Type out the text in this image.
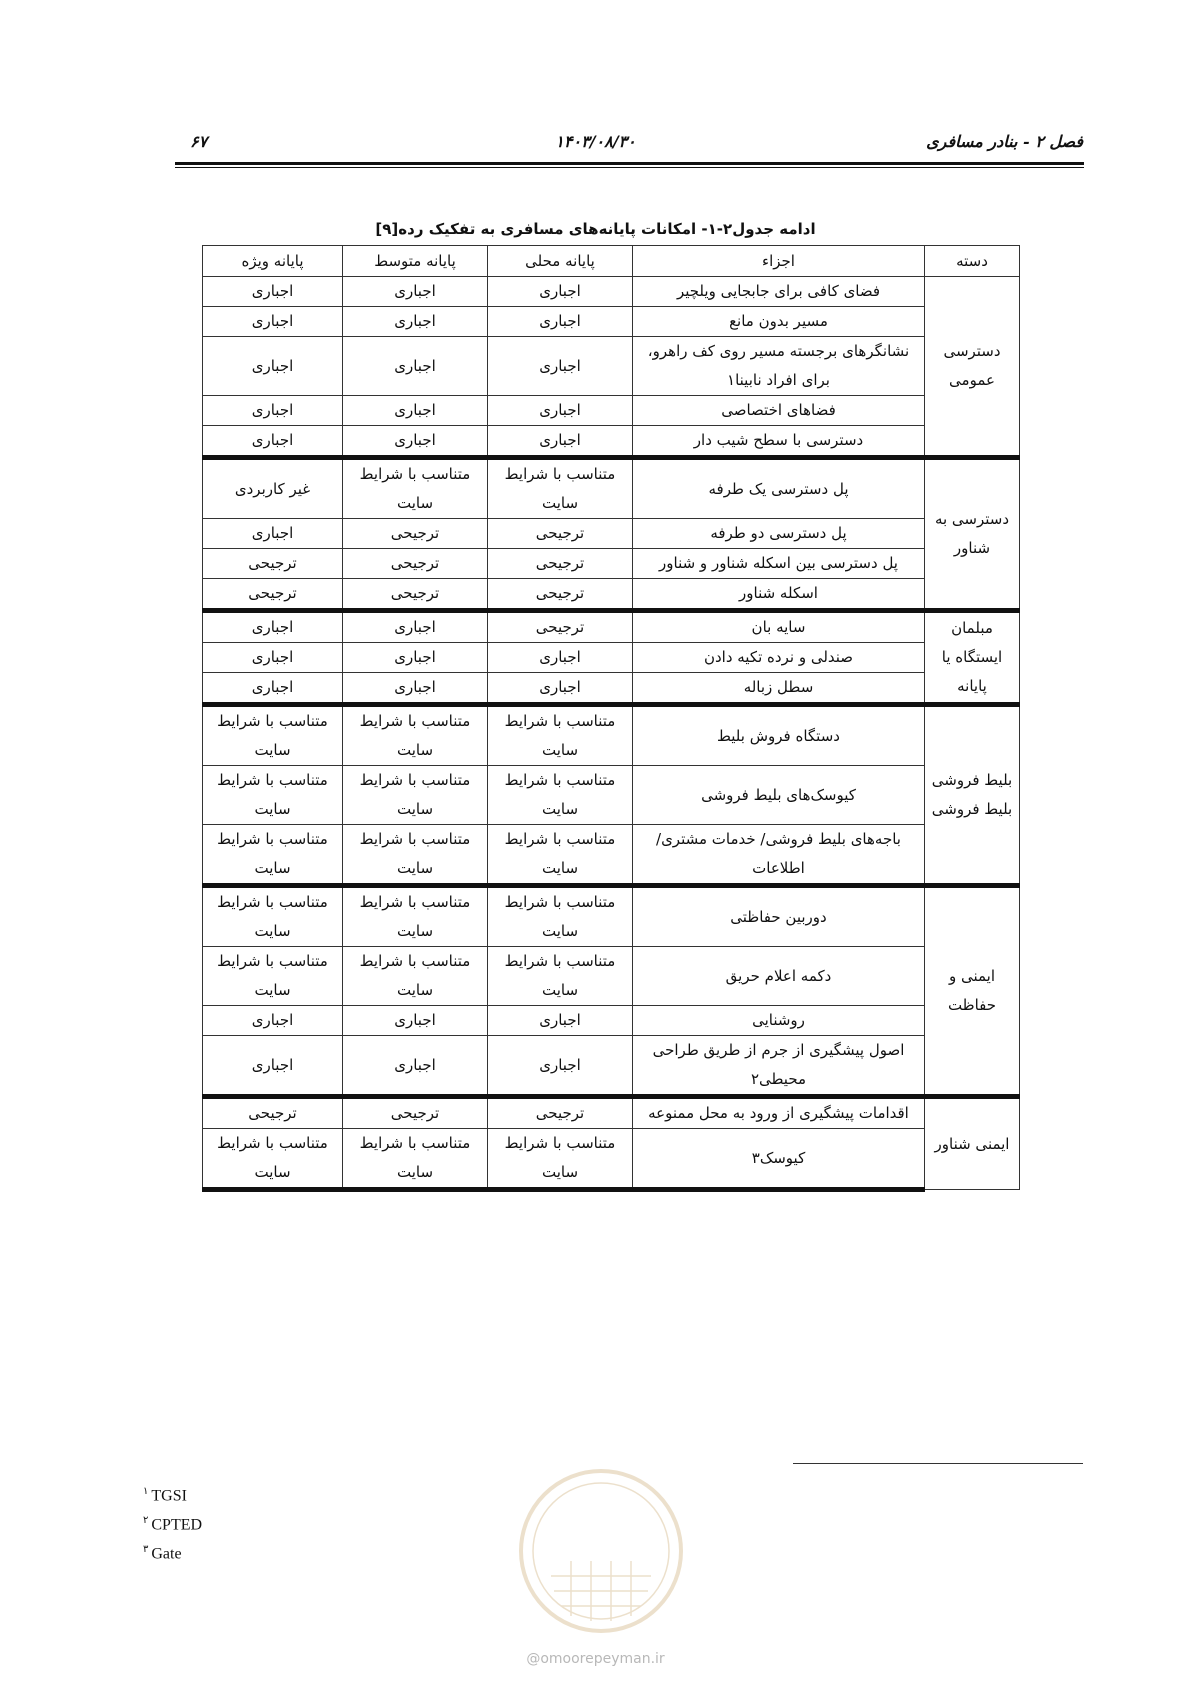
۶۷	۱۴۰۳/۰۸/۳۰	فصل ۲ - بنادر مسافری
ادامه جدول۲-۱- امکانات پایانه‌های مسافری به تفکیک رده[۹]
دسته	اجزاء	پایانه محلی	پایانه متوسط	پایانه ویژه
دسترسی عمومی	فضای کافی برای جابجایی ویلچیر	اجباری	اجباری	اجباری
	مسیر بدون مانع	اجباری	اجباری	اجباری
	نشانگرهای برجسته مسیر روی کف راهرو، برای افراد نابینا۱	اجباری	اجباری	اجباری
	فضاهای اختصاصی	اجباری	اجباری	اجباری
	دسترسی با سطح شیب دار	اجباری	اجباری	اجباری
دسترسی به شناور	پل دسترسی یک طرفه	متناسب با شرایط سایت	متناسب با شرایط سایت	غیر کاربردی
	پل دسترسی دو طرفه	ترجیحی	ترجیحی	اجباری
	پل دسترسی بین اسکله شناور و شناور	ترجیحی	ترجیحی	ترجیحی
	اسکله شناور	ترجیحی	ترجیحی	ترجیحی
مبلمان ایستگاه یا پایانه	سایه بان	ترجیحی	اجباری	اجباری
	صندلی و نرده تکیه دادن	اجباری	اجباری	اجباری
	سطل زباله	اجباری	اجباری	اجباری
بلیط فروشی بلیط فروشی	دستگاه فروش بلیط	متناسب با شرایط سایت	متناسب با شرایط سایت	متناسب با شرایط سایت
	کیوسک‌های بلیط فروشی	متناسب با شرایط سایت	متناسب با شرایط سایت	متناسب با شرایط سایت
	باجه‌های بلیط فروشی/ خدمات مشتری/اطلاعات	متناسب با شرایط سایت	متناسب با شرایط سایت	متناسب با شرایط سایت
ایمنی و حفاظت	دوربین حفاظتی	متناسب با شرایط سایت	متناسب با شرایط سایت	متناسب با شرایط سایت
	دکمه اعلام حریق	متناسب با شرایط سایت	متناسب با شرایط سایت	متناسب با شرایط سایت
	روشنایی	اجباری	اجباری	اجباری
	اصول پیشگیری از جرم از طریق طراحی محیطی۲	اجباری	اجباری	اجباری
ایمنی شناور	اقدامات پیشگیری از ورود به محل ممنوعه	ترجیحی	ترجیحی	ترجیحی
	کیوسک۳	متناسب با شرایط سایت	متناسب با شرایط سایت	متناسب با شرایط سایت
$^۱$ TGSI
$^۲$ CPTED
$^۳$ Gate
@omoorepeyman.ir
